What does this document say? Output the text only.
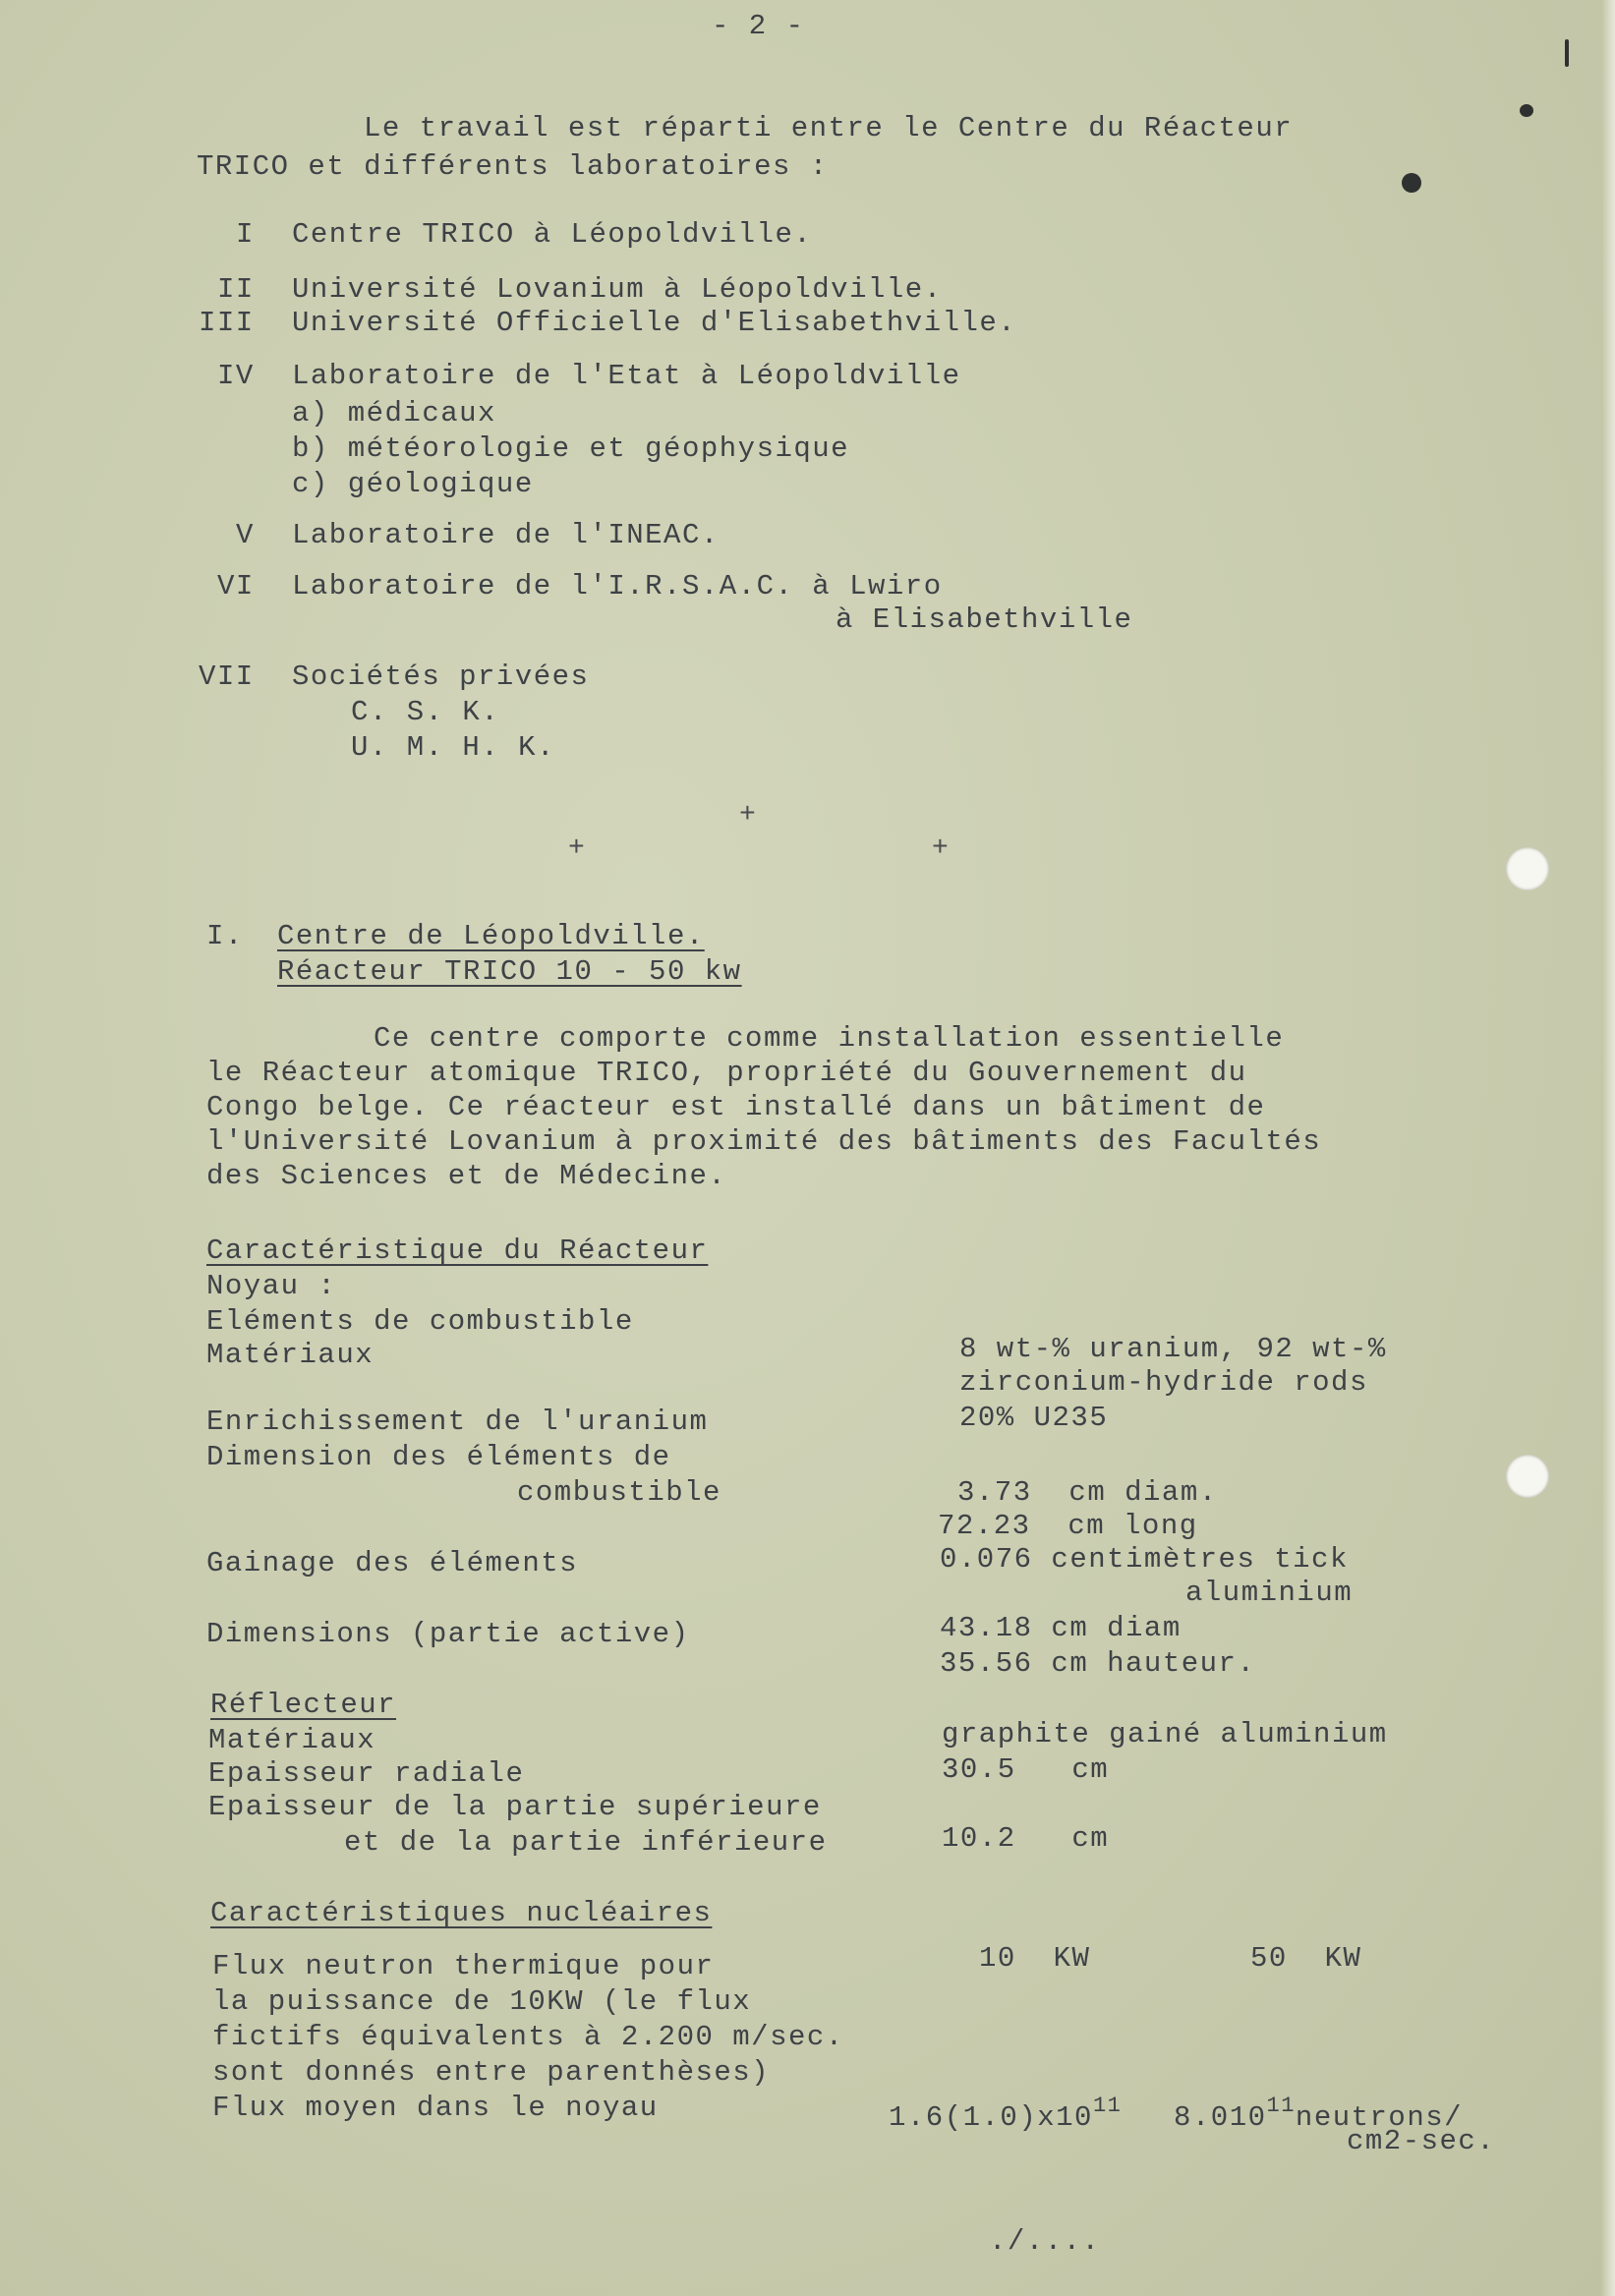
- 2 -
Le travail est réparti entre le Centre du Réacteur
TRICO et différents laboratoires :
I Centre TRICO à Léopoldville.
II Université Lovanium à Léopoldville.
III Université Officielle d'Elisabethville.
IV Laboratoire de l'Etat à Léopoldville
a) médicaux
b) météorologie et géophysique
c) géologique
V Laboratoire de l'INEAC.
VI Laboratoire de l'I.R.S.A.C. à Lwiro
à Elisabethville
VII Sociétés privées
C. S. K.
U. M. H. K.
+
+	+
I. Centre de Léopoldville.
Réacteur TRICO 10 - 50 kw
Ce centre comporte comme installation essentielle
le Réacteur atomique TRICO, propriété du Gouvernement du
Congo belge. Ce réacteur est installé dans un bâtiment de
l'Université Lovanium à proximité des bâtiments des Facultés
des Sciences et de Médecine.
Caractéristique du Réacteur
Noyau :
Eléments de combustible
Matériaux	8 wt-% uranium, 92 wt-%
zirconium-hydride rods
Enrichissement de l'uranium	20% U235
Dimension des éléments de
combustible	3.73  cm diam.
72.23  cm long
Gainage des éléments	0.076 centimètres tick
aluminium
Dimensions (partie active)	43.18 cm diam
35.56 cm hauteur.
Réflecteur
Matériaux	graphite gainé aluminium
Epaisseur radiale	30.5   cm
Epaisseur de la partie supérieure
et de la partie inférieure	10.2   cm
Caractéristiques nucléaires
Flux neutron thermique pour
la puissance de 10KW (le flux
fictifs équivalents à 2.200 m/sec.
sont donnés entre parenthèses)
Flux moyen dans le noyau
10  KW	50  KW
$1.6(1.0)x10^{11}$ 8.010$^{11}$neutrons/
cm2-sec.
./....
